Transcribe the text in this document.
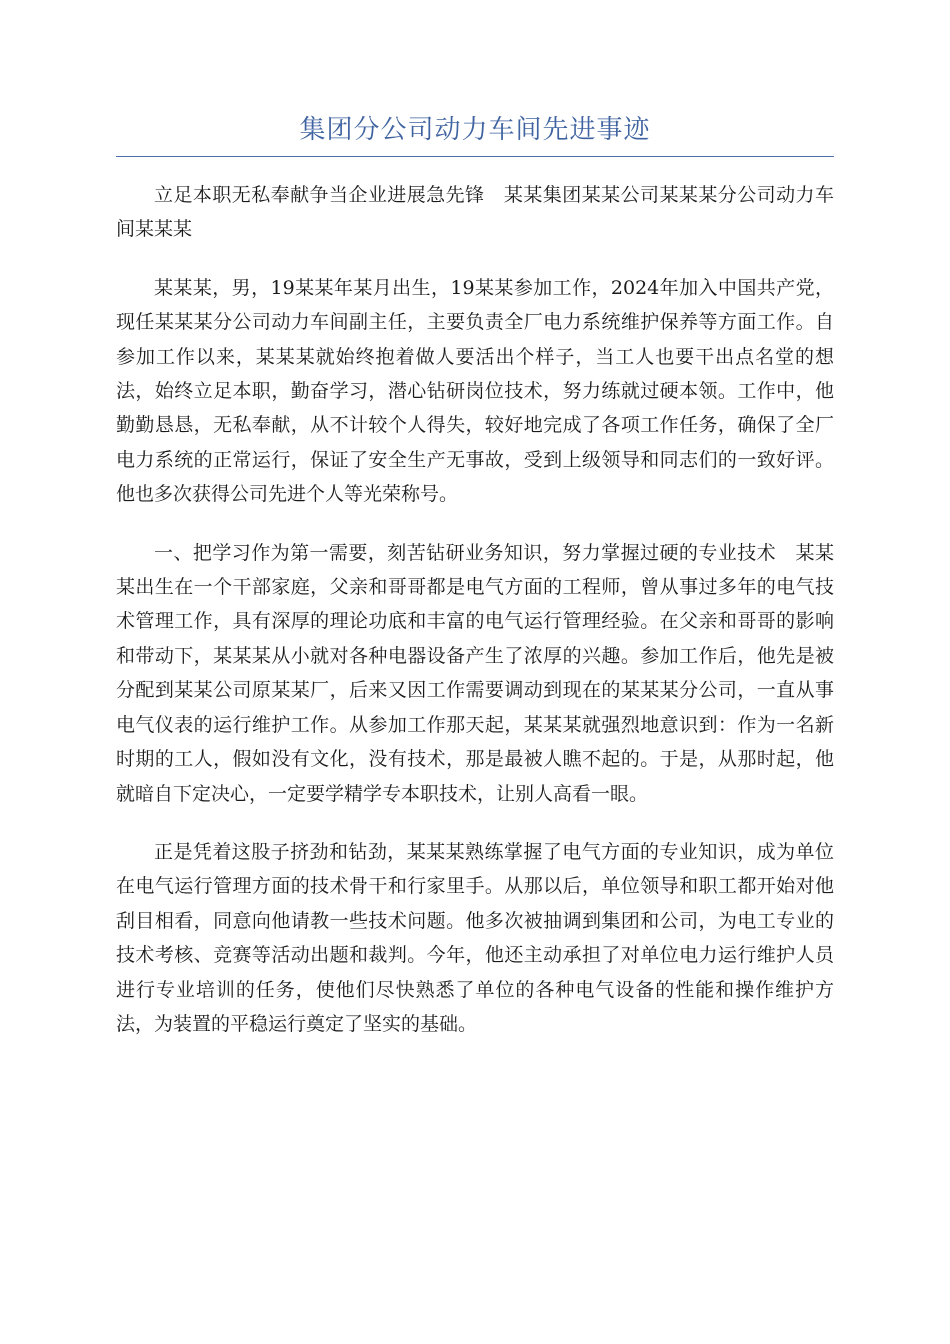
集团分公司动力车间先进事迹

立足本职无私奉献争当企业进展急先锋　某某集团某某公司某某某分公司动力车间某某某

某某某，男，19某某年某月出生，19某某参加工作，2024年加入中国共产党，现任某某某分公司动力车间副主任，主要负责全厂电力系统维护保养等方面工作。自参加工作以来，某某某就始终抱着做人要活出个样子，当工人也要干出点名堂的想法，始终立足本职，勤奋学习，潜心钻研岗位技术，努力练就过硬本领。工作中，他勤勤恳恳，无私奉献，从不计较个人得失，较好地完成了各项工作任务，确保了全厂电力系统的正常运行，保证了安全生产无事故，受到上级领导和同志们的一致好评。他也多次获得公司先进个人等光荣称号。

一、把学习作为第一需要，刻苦钻研业务知识，努力掌握过硬的专业技术　某某某出生在一个干部家庭，父亲和哥哥都是电气方面的工程师，曾从事过多年的电气技术管理工作，具有深厚的理论功底和丰富的电气运行管理经验。在父亲和哥哥的影响和带动下，某某某从小就对各种电器设备产生了浓厚的兴趣。参加工作后，他先是被分配到某某公司原某某厂，后来又因工作需要调动到现在的某某某分公司，一直从事电气仪表的运行维护工作。从参加工作那天起，某某某就强烈地意识到：作为一名新时期的工人，假如没有文化，没有技术，那是最被人瞧不起的。于是，从那时起，他就暗自下定决心，一定要学精学专本职技术，让别人高看一眼。

正是凭着这股子挤劲和钻劲，某某某熟练掌握了电气方面的专业知识，成为单位在电气运行管理方面的技术骨干和行家里手。从那以后，单位领导和职工都开始对他刮目相看，同意向他请教一些技术问题。他多次被抽调到集团和公司，为电工专业的技术考核、竞赛等活动出题和裁判。今年，他还主动承担了对单位电力运行维护人员进行专业培训的任务，使他们尽快熟悉了单位的各种电气设备的性能和操作维护方法，为装置的平稳运行奠定了坚实的基础。
